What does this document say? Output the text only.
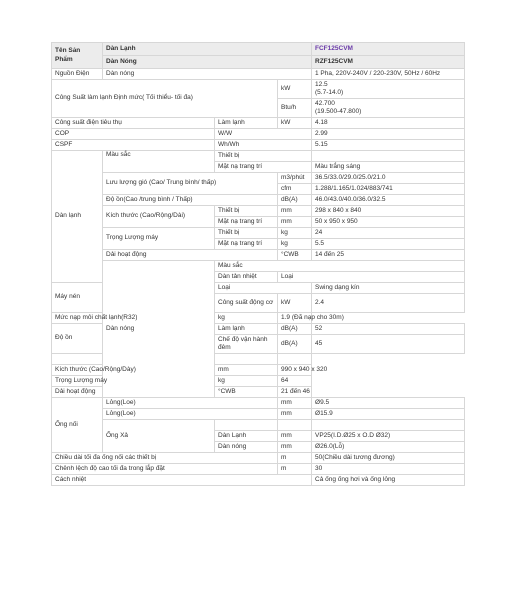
Tên Sản Phẩm	Dàn Lạnh			FCF125CVM	
	Dàn Nóng			RZF125CVM	
Nguồn Điện	Dàn nóng			1 Pha, 220V-240V / 220-230V, 50Hz / 60Hz	
Công Suất làm lạnh Định mức( Tối thiểu- tối đa)			kW	12.5
(5.7-14.0)	

			Btu/h	42.700
(19.500-47.800)	

Công suất điện tiêu thụ		Làm lạnh	kW	4.18	
COP		W/W		2.99	
CSPF		Wh/Wh		5.15	
Dàn lạnh	Màu sắc	Thiết bị			
		Mặt nạ trang trí		Màu trắng sáng	
	Lưu lượng gió (Cao/ Trung bình/ thấp)		m3/phút	36.5/33.0/29.0/25.0/21.0	
			cfm	1.288/1.165/1.024/883/741	
	Độ ồn(Cao /trung bình / Thấp)		dB(A)	46.0/43.0/40.0/36.0/32.5	
	Kích thước (Cao/Rộng/Dài)	Thiết bị	mm	298 x 840 x 840	
		Mặt nạ trang trí	mm	50 x 950 x 950	
	Trọng Lượng máy	Thiết bị	kg	24	
		Mặt nạ trang trí	kg	5.5	
	Dải hoạt động		°CWB	14 đến 25	
	Dàn nóng	Màu sắc	
		Dàn tản nhiệt	Loại	
Máy nén		Loại		Swing dạng kín	
		Công suất động cơ	kW	2.4	
Mức nạp môi chất lạnh(R32)		kg	1.9 (Đã nạp cho 30m)		
Độ ồn		Làm lạnh	dB(A)	52	
		Chế độ vận hành đêm	dB(A)	45	

Kích thước (Cao/Rộng/Dày)		mm	990 x 940 x 320		
Trọng Lượng máy		kg	64		
Dải hoạt động		°CWB	21 đến 46		
Ống nối	Lỏng(Loe)		mm	Ø9.5	
	Lỏng(Loe)		mm	Ø15.9	
	Ống Xả				
		Dàn Lạnh	mm	VP25(I.D.Ø25 x O.D Ø32)	
		Dàn nóng	mm	Ø26.0(Lỗ)	
Chiều dài tối đa ống nối các thiết bị			m	50(Chiều dài tương đương)	
Chênh lệch độ cao tối đa trong lắp đặt			m	30	
Cách nhiệt				Cả ống ống hơi và ống lỏng	
